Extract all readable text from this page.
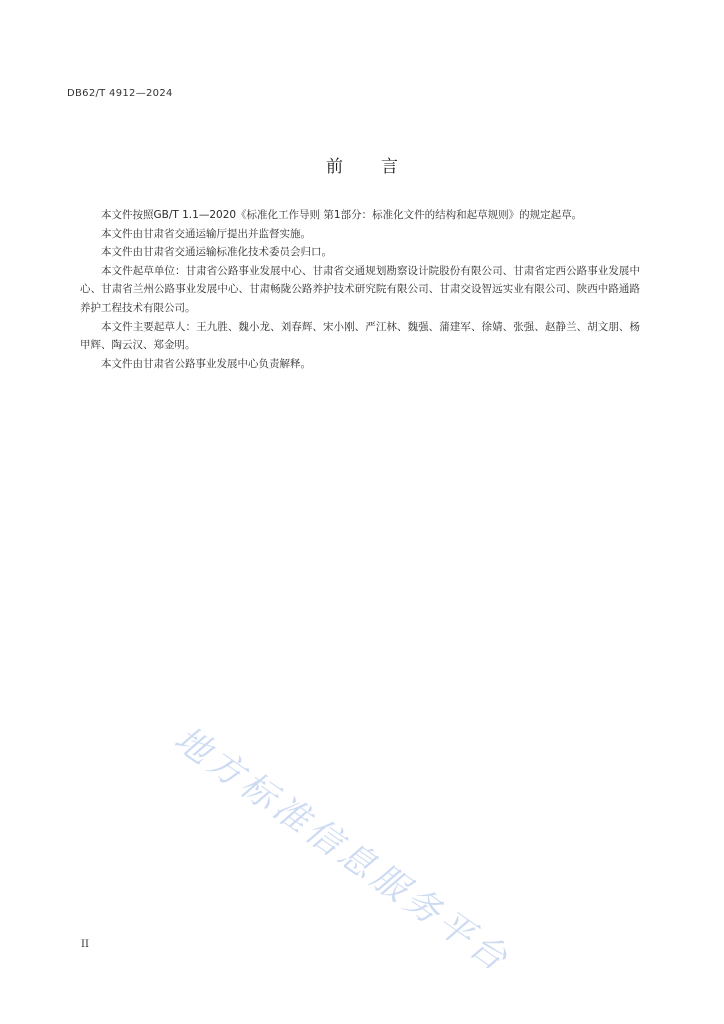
DB62/T 4912—2024
前言

本文件按照GB/T 1.1—2020《标准化工作导则 第1部分：标准化文件的结构和起草规则》的规定起草。

本文件由甘肃省交通运输厅提出并监督实施。

本文件由甘肃省交通运输标准化技术委员会归口。

本文件起草单位：甘肃省公路事业发展中心、甘肃省交通规划勘察设计院股份有限公司、甘肃省定西公路事业发展中心、甘肃省兰州公路事业发展中心、甘肃畅陇公路养护技术研究院有限公司、甘肃交设智远实业有限公司、陕西中路通路养护工程技术有限公司。

本文件主要起草人：王九胜、魏小龙、刘春辉、宋小刚、严江林、魏强、蒲建军、徐婧、张强、赵静兰、胡文朋、杨甲辉、陶云汉、郑金明。

本文件由甘肃省公路事业发展中心负责解释。

地方标准信息服务平台
II
